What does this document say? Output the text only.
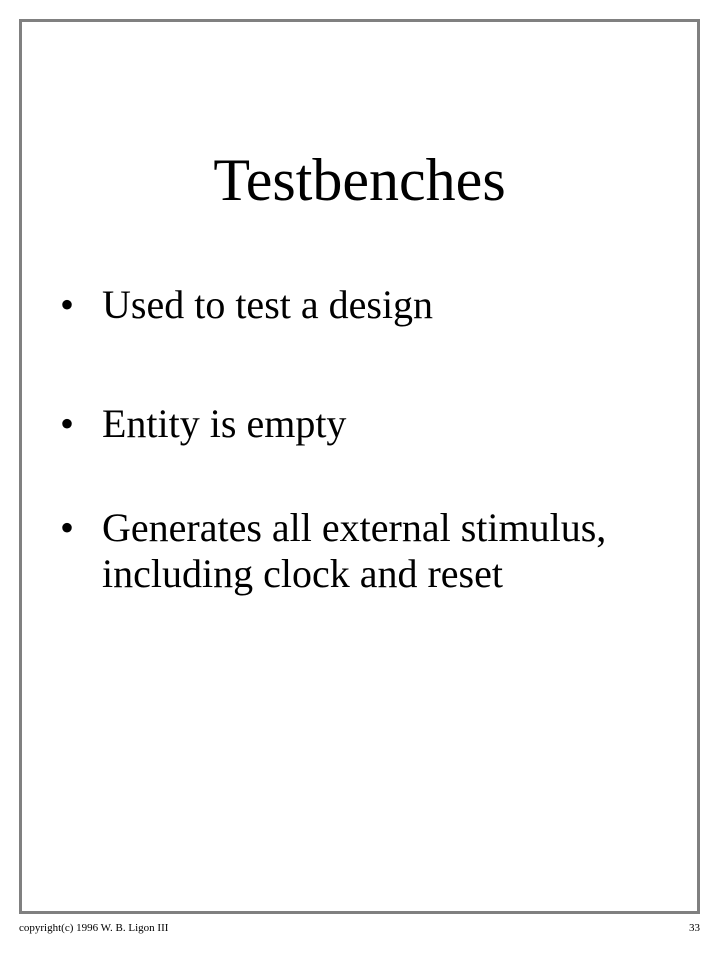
Testbenches
• Used to test a design
• Entity is empty
• Generates all external stimulus, including clock and reset
copyright(c) 1996 W. B. Ligon III	33
